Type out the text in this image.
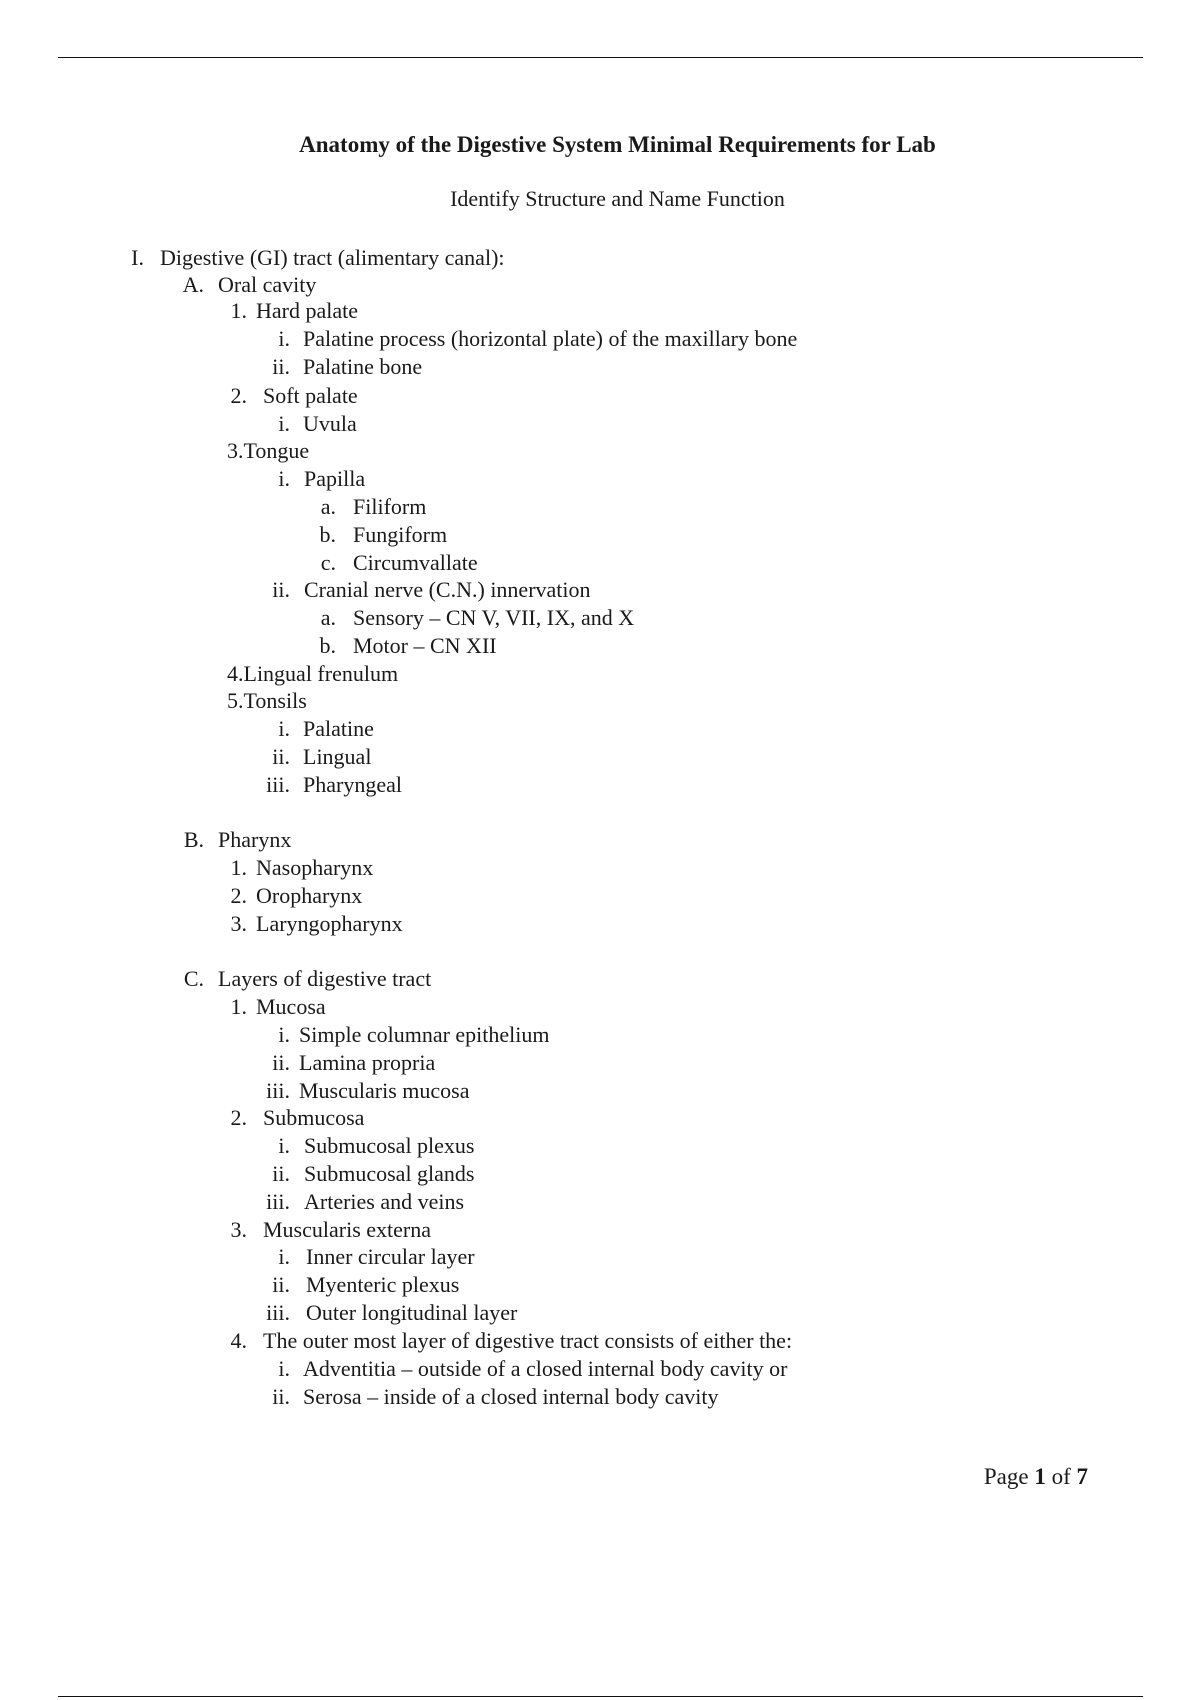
Anatomy of the Digestive System Minimal Requirements for Lab
Identify Structure and Name Function
I. Digestive (GI) tract (alimentary canal):
A. Oral cavity
1. Hard palate
i. Palatine process (horizontal plate) of the maxillary bone
ii. Palatine bone
2. Soft palate
i. Uvula
3.Tongue
i. Papilla
a. Filiform
b. Fungiform
c. Circumvallate
ii. Cranial nerve (C.N.) innervation
a. Sensory – CN V, VII, IX, and X
b. Motor – CN XII
4.Lingual frenulum
5.Tonsils
i. Palatine
ii. Lingual
iii. Pharyngeal
B. Pharynx
1. Nasopharynx
2. Oropharynx
3. Laryngopharynx
C. Layers of digestive tract
1. Mucosa
i. Simple columnar epithelium
ii. Lamina propria
iii. Muscularis mucosa
2. Submucosa
i. Submucosal plexus
ii. Submucosal glands
iii. Arteries and veins
3. Muscularis externa
i. Inner circular layer
ii. Myenteric plexus
iii. Outer longitudinal layer
4. The outer most layer of digestive tract consists of either the:
i. Adventitia – outside of a closed internal body cavity or
ii. Serosa – inside of a closed internal body cavity
Page 1 of 7
